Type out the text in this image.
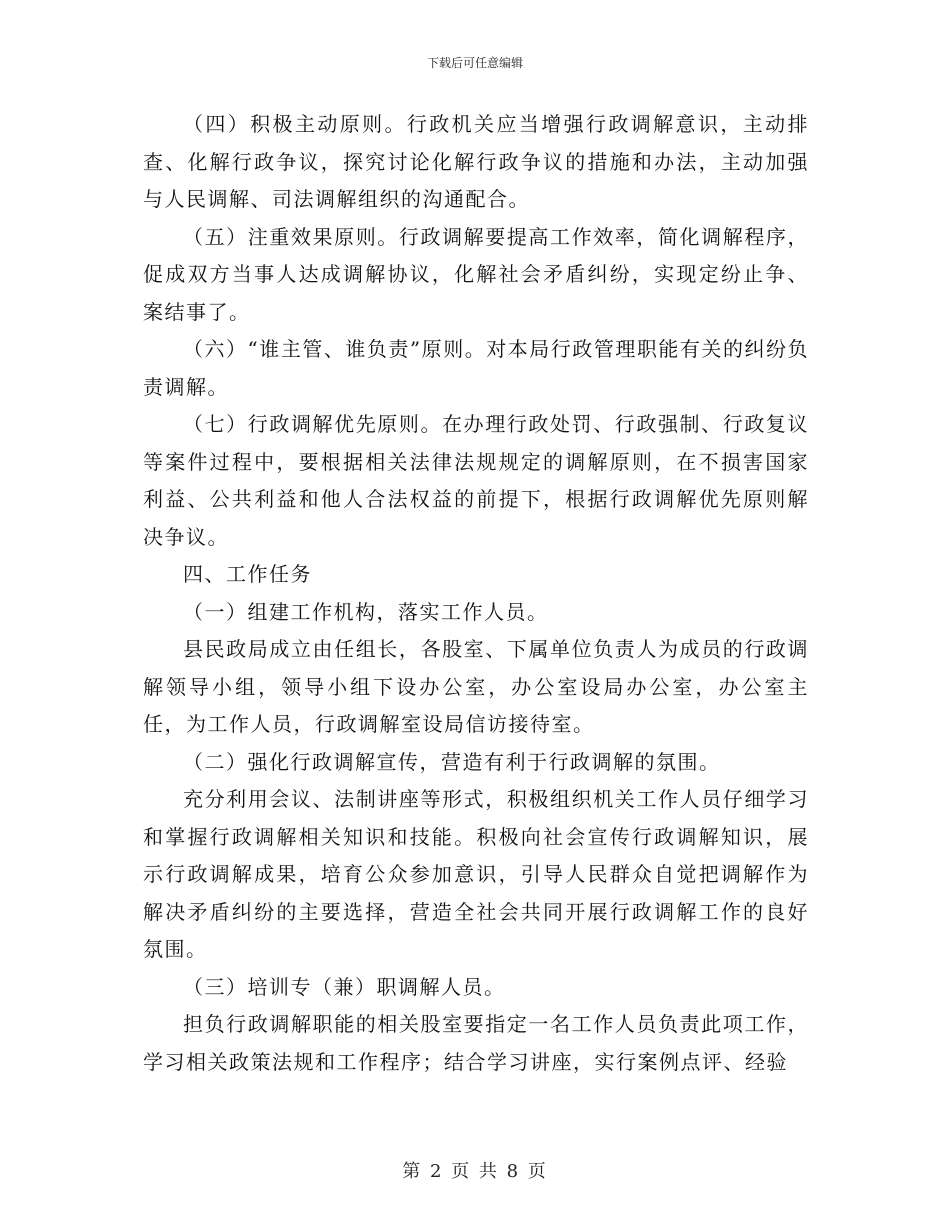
下载后可任意编辑

（四）积极主动原则。行政机关应当增强行政调解意识，主动排查、化解行政争议，探究讨论化解行政争议的措施和办法，主动加强与人民调解、司法调解组织的沟通配合。

（五）注重效果原则。行政调解要提高工作效率，简化调解程序，促成双方当事人达成调解协议，化解社会矛盾纠纷，实现定纷止争、案结事了。

（六）“谁主管、谁负责”原则。对本局行政管理职能有关的纠纷负责调解。

（七）行政调解优先原则。在办理行政处罚、行政强制、行政复议等案件过程中，要根据相关法律法规规定的调解原则，在不损害国家利益、公共利益和他人合法权益的前提下，根据行政调解优先原则解决争议。

四、工作任务

（一）组建工作机构，落实工作人员。

县民政局成立由任组长，各股室、下属单位负责人为成员的行政调解领导小组，领导小组下设办公室，办公室设局办公室，办公室主任，为工作人员，行政调解室设局信访接待室。

（二）强化行政调解宣传，营造有利于行政调解的氛围。

充分利用会议、法制讲座等形式，积极组织机关工作人员仔细学习和掌握行政调解相关知识和技能。积极向社会宣传行政调解知识，展示行政调解成果，培育公众参加意识，引导人民群众自觉把调解作为解决矛盾纠纷的主要选择，营造全社会共同开展行政调解工作的良好氛围。

（三）培训专（兼）职调解人员。

担负行政调解职能的相关股室要指定一名工作人员负责此项工作，学习相关政策法规和工作程序；结合学习讲座，实行案例点评、经验

第 2 页 共 8 页
